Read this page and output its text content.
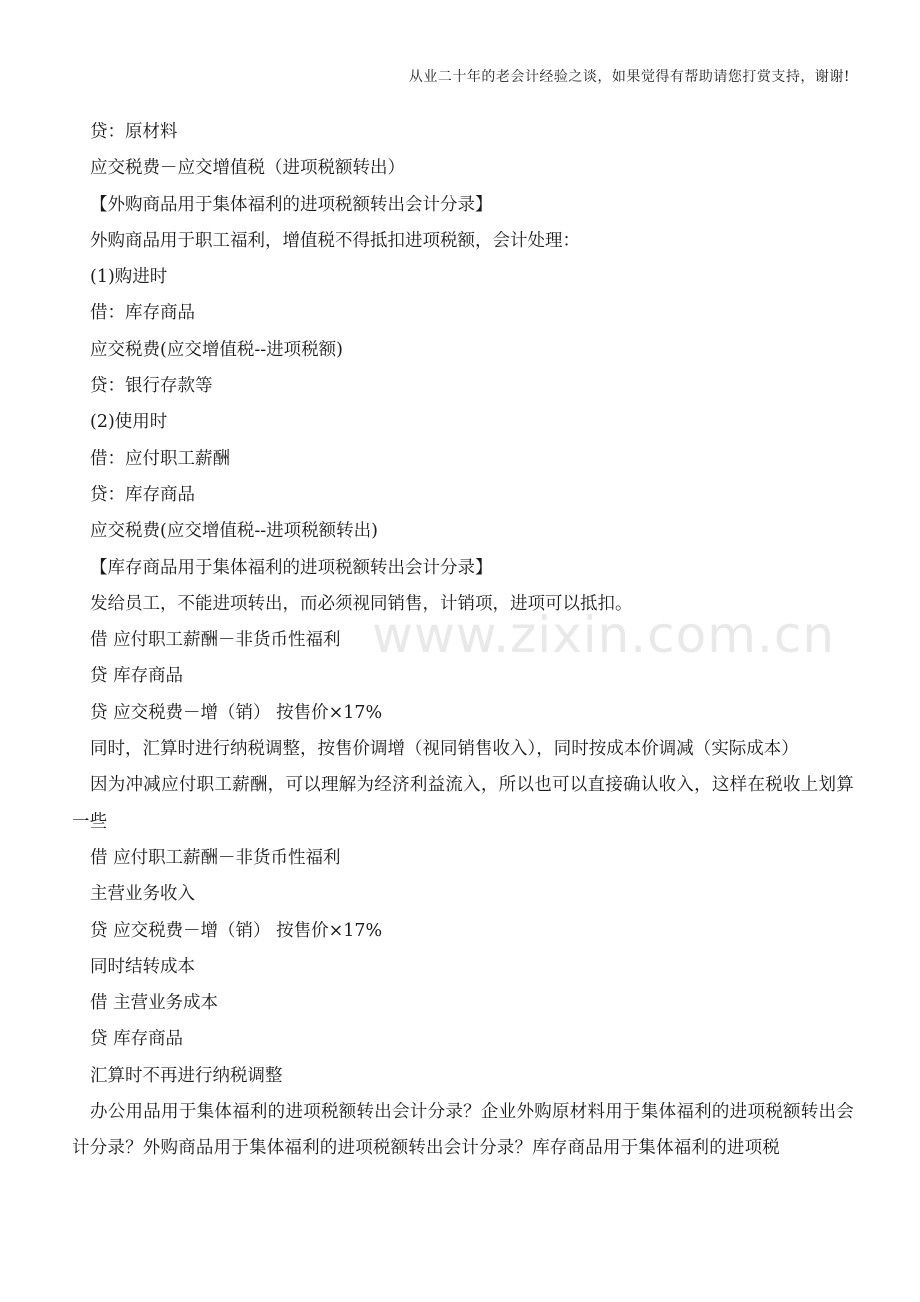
从业二十年的老会计经验之谈，如果觉得有帮助请您打赏支持，谢谢!
www.zixin.com.cn
贷：原材料
应交税费－应交增值税（进项税额转出）
【外购商品用于集体福利的进项税额转出会计分录】
外购商品用于职工福利，增值税不得抵扣进项税额，会计处理：
(1)购进时
借：库存商品
应交税费(应交增值税--进项税额)
贷：银行存款等
(2)使用时
借：应付职工薪酬
贷：库存商品
应交税费(应交增值税--进项税额转出)
【库存商品用于集体福利的进项税额转出会计分录】
发给员工，不能进项转出，而必须视同销售，计销项，进项可以抵扣。
借 应付职工薪酬－非货币性福利
贷 库存商品
贷 应交税费－增（销） 按售价×17%
同时，汇算时进行纳税调整，按售价调增（视同销售收入），同时按成本价调减（实际成本）
因为冲减应付职工薪酬，可以理解为经济利益流入，所以也可以直接确认收入，这样在税收上划算一些
借 应付职工薪酬－非货币性福利
主营业务收入
贷 应交税费－增（销） 按售价×17%
同时结转成本
借 主营业务成本
贷 库存商品
汇算时不再进行纳税调整
办公用品用于集体福利的进项税额转出会计分录？企业外购原材料用于集体福利的进项税额转出会计分录？外购商品用于集体福利的进项税额转出会计分录？库存商品用于集体福利的进项税
